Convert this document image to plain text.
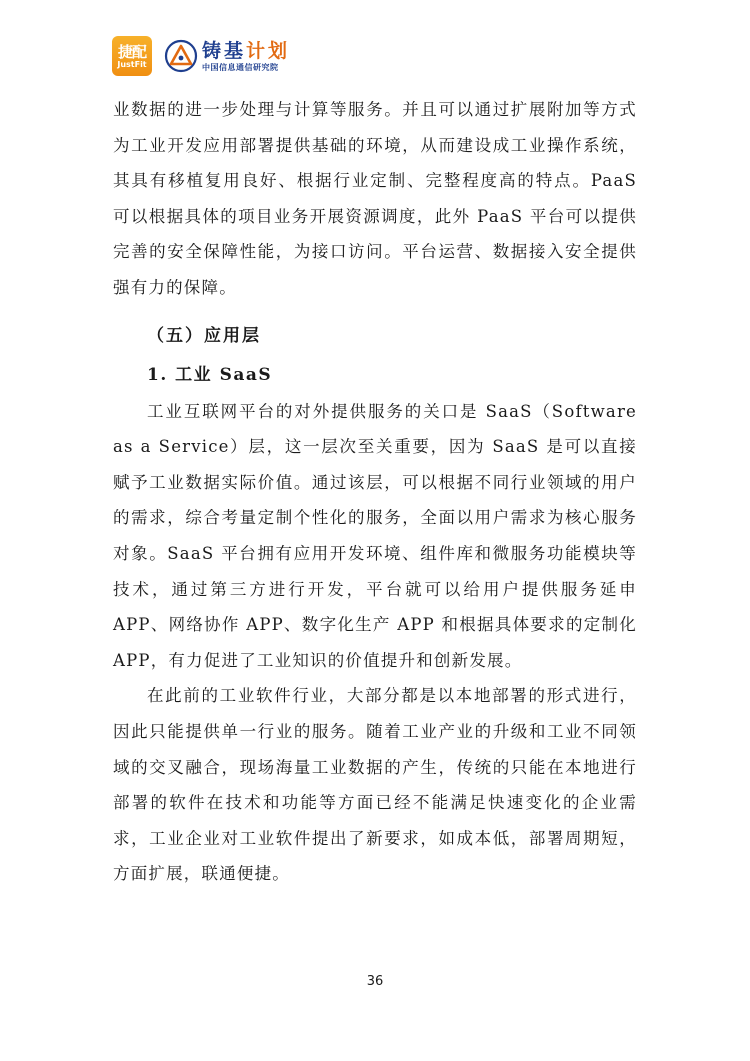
捷配
JustFit
铸基计划
中国信息通信研究院

业数据的进一步处理与计算等服务。并且可以通过扩展附加等方式为工业开发应用部署提供基础的环境，从而建设成工业操作系统，其具有移植复用良好、根据行业定制、完整程度高的特点。PaaS 可以根据具体的项目业务开展资源调度，此外 PaaS 平台可以提供完善的安全保障性能，为接口访问。平台运营、数据接入安全提供强有力的保障。

（五）应用层
1. 工业 SaaS

工业互联网平台的对外提供服务的关口是 SaaS（Software as a Service）层，这一层次至关重要，因为 SaaS 是可以直接赋予工业数据实际价值。通过该层，可以根据不同行业领域的用户的需求，综合考量定制个性化的服务，全面以用户需求为核心服务对象。SaaS 平台拥有应用开发环境、组件库和微服务功能模块等技术，通过第三方进行开发，平台就可以给用户提供服务延申 APP、网络协作 APP、数字化生产 APP 和根据具体要求的定制化 APP，有力促进了工业知识的价值提升和创新发展。

在此前的工业软件行业，大部分都是以本地部署的形式进行，因此只能提供单一行业的服务。随着工业产业的升级和工业不同领域的交叉融合，现场海量工业数据的产生，传统的只能在本地进行部署的软件在技术和功能等方面已经不能满足快速变化的企业需求，工业企业对工业软件提出了新要求，如成本低，部署周期短，方面扩展，联通便捷。

36
